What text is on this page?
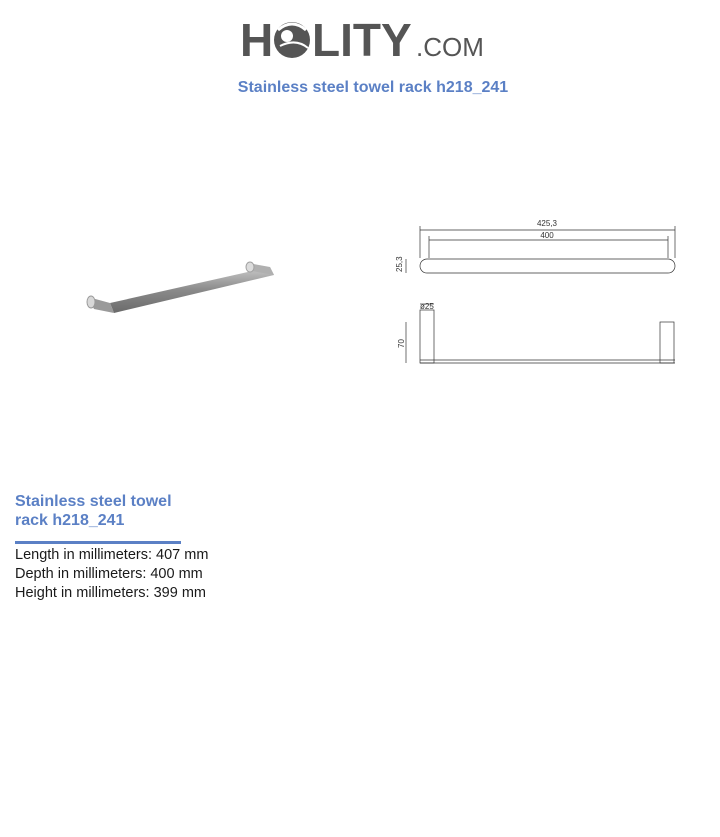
H LITY .COM
Stainless steel towel rack h218_241
425,3
400
25,3
ø25
70
Stainless steel towel rack h218_241
Length in millimeters: 407 mm
Depth in millimeters: 400 mm
Height in millimeters: 399 mm
